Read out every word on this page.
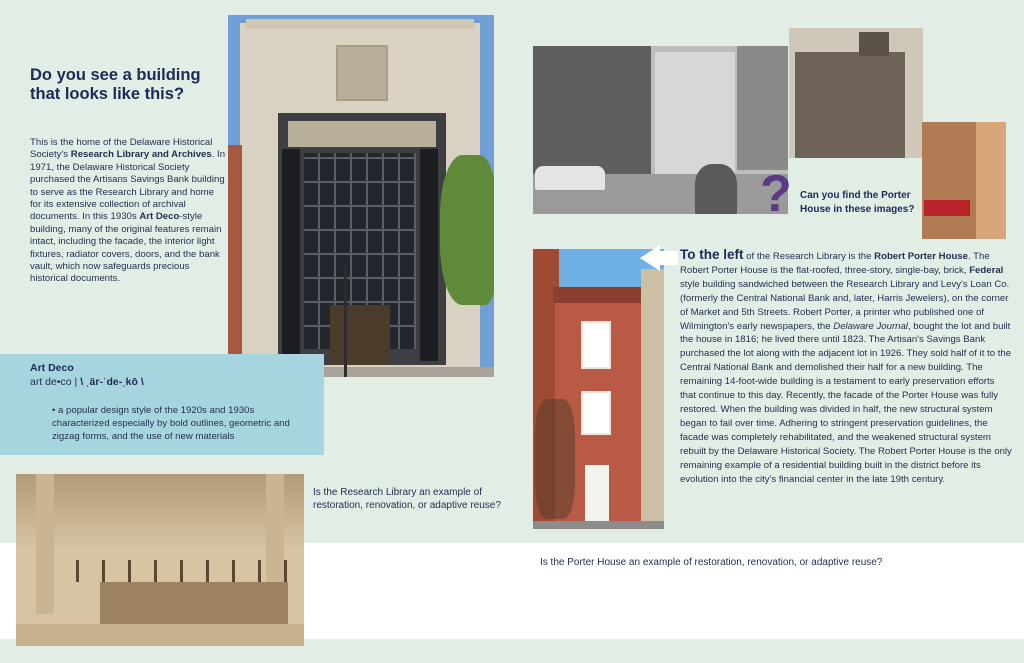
Do you see a building that looks like this?
This is the home of the Delaware Historical Society's Research Library and Archives. In 1971, the Delaware Historical Society purchased the Artisans Savings Bank building to serve as the Research Library and home for its extensive collection of archival documents. In this 1930s Art Deco-style building, many of the original features remain intact, including the facade, the interior light fixtures, radiator covers, doors, and the bank vault, which now safeguards precious historical documents.
Art Deco
art de•co | \ ˌär-ˈde-ˌkō \
• a popular design style of the 1920s and 1930s characterized especially by bold outlines, geometric and zigzag forms, and the use of new materials
Is the Research Library an example of restoration, renovation, or adaptive reuse?
? Can you find the Porter House in these images?
To the left of the Research Library is the Robert Porter House. The Robert Porter House is the flat-roofed, three-story, single-bay, brick, Federal style building sandwiched between the Research Library and Levy's Loan Co. (formerly the Central National Bank and, later, Harris Jewelers), on the corner of Market and 5th Streets. Robert Porter, a printer who published one of Wilmington's early newspapers, the Delaware Journal, bought the lot and built the house in 1816; he lived there until 1823. The Artisan's Savings Bank purchased the lot along with the adjacent lot in 1926. They sold half of it to the Central National Bank and demolished their half for a new building. The remaining 14-foot-wide building is a testament to early preservation efforts that continue to this day. Recently, the facade of the Porter House was fully restored. When the building was divided in half, the new structural system began to fail over time. Adhering to stringent preservation guidelines, the facade was completely rehabilitated, and the weakened structural system rebuilt by the Delaware Historical Society. The Robert Porter House is the only remaining example of a residential building built in the district before its evolution into the city's financial center in the late 19th century.
Is the Porter House an example of restoration, renovation, or adaptive reuse?
